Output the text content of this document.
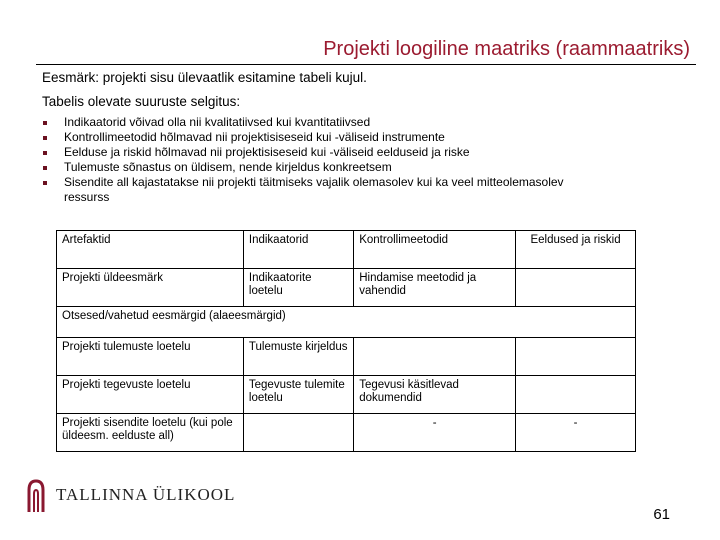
Projekti loogiline maatriks (raammaatriks)
Eesmärk: projekti sisu ülevaatlik esitamine tabeli kujul.
Tabelis olevate suuruste selgitus:
Indikaatorid võivad olla nii kvalitatiivsed kui kvantitatiivsed
Kontrollimeetodid hõlmavad nii projektisiseseid kui -väliseid instrumente
Eelduse ja riskid hõlmavad nii projektisiseseid kui -väliseid eelduseid ja riske
Tulemuste sõnastus on üldisem, nende kirjeldus konkreetsem
Sisendite all kajastatakse nii projekti täitmiseks vajalik olemasolev kui ka veel mitteolemasolev ressurss
Artefaktid	Indikaatorid	Kontrollimeetodid	Eeldused ja riskid
Projekti üldeesmärk	Indikaatorite loetelu	Hindamise meetodid ja vahendid	
Otsesed/vahetud eesmärgid (alaeesmärgid)			
Projekti tulemuste loetelu	Tulemuste kirjeldus		
Projekti tegevuste loetelu	Tegevuste tulemite loetelu	Tegevusi käsitlevad dokumendid	
Projekti sisendite loetelu (kui pole üldeesm. eelduste all)		-	-
TALLINNA ÜLIKOOL
61
